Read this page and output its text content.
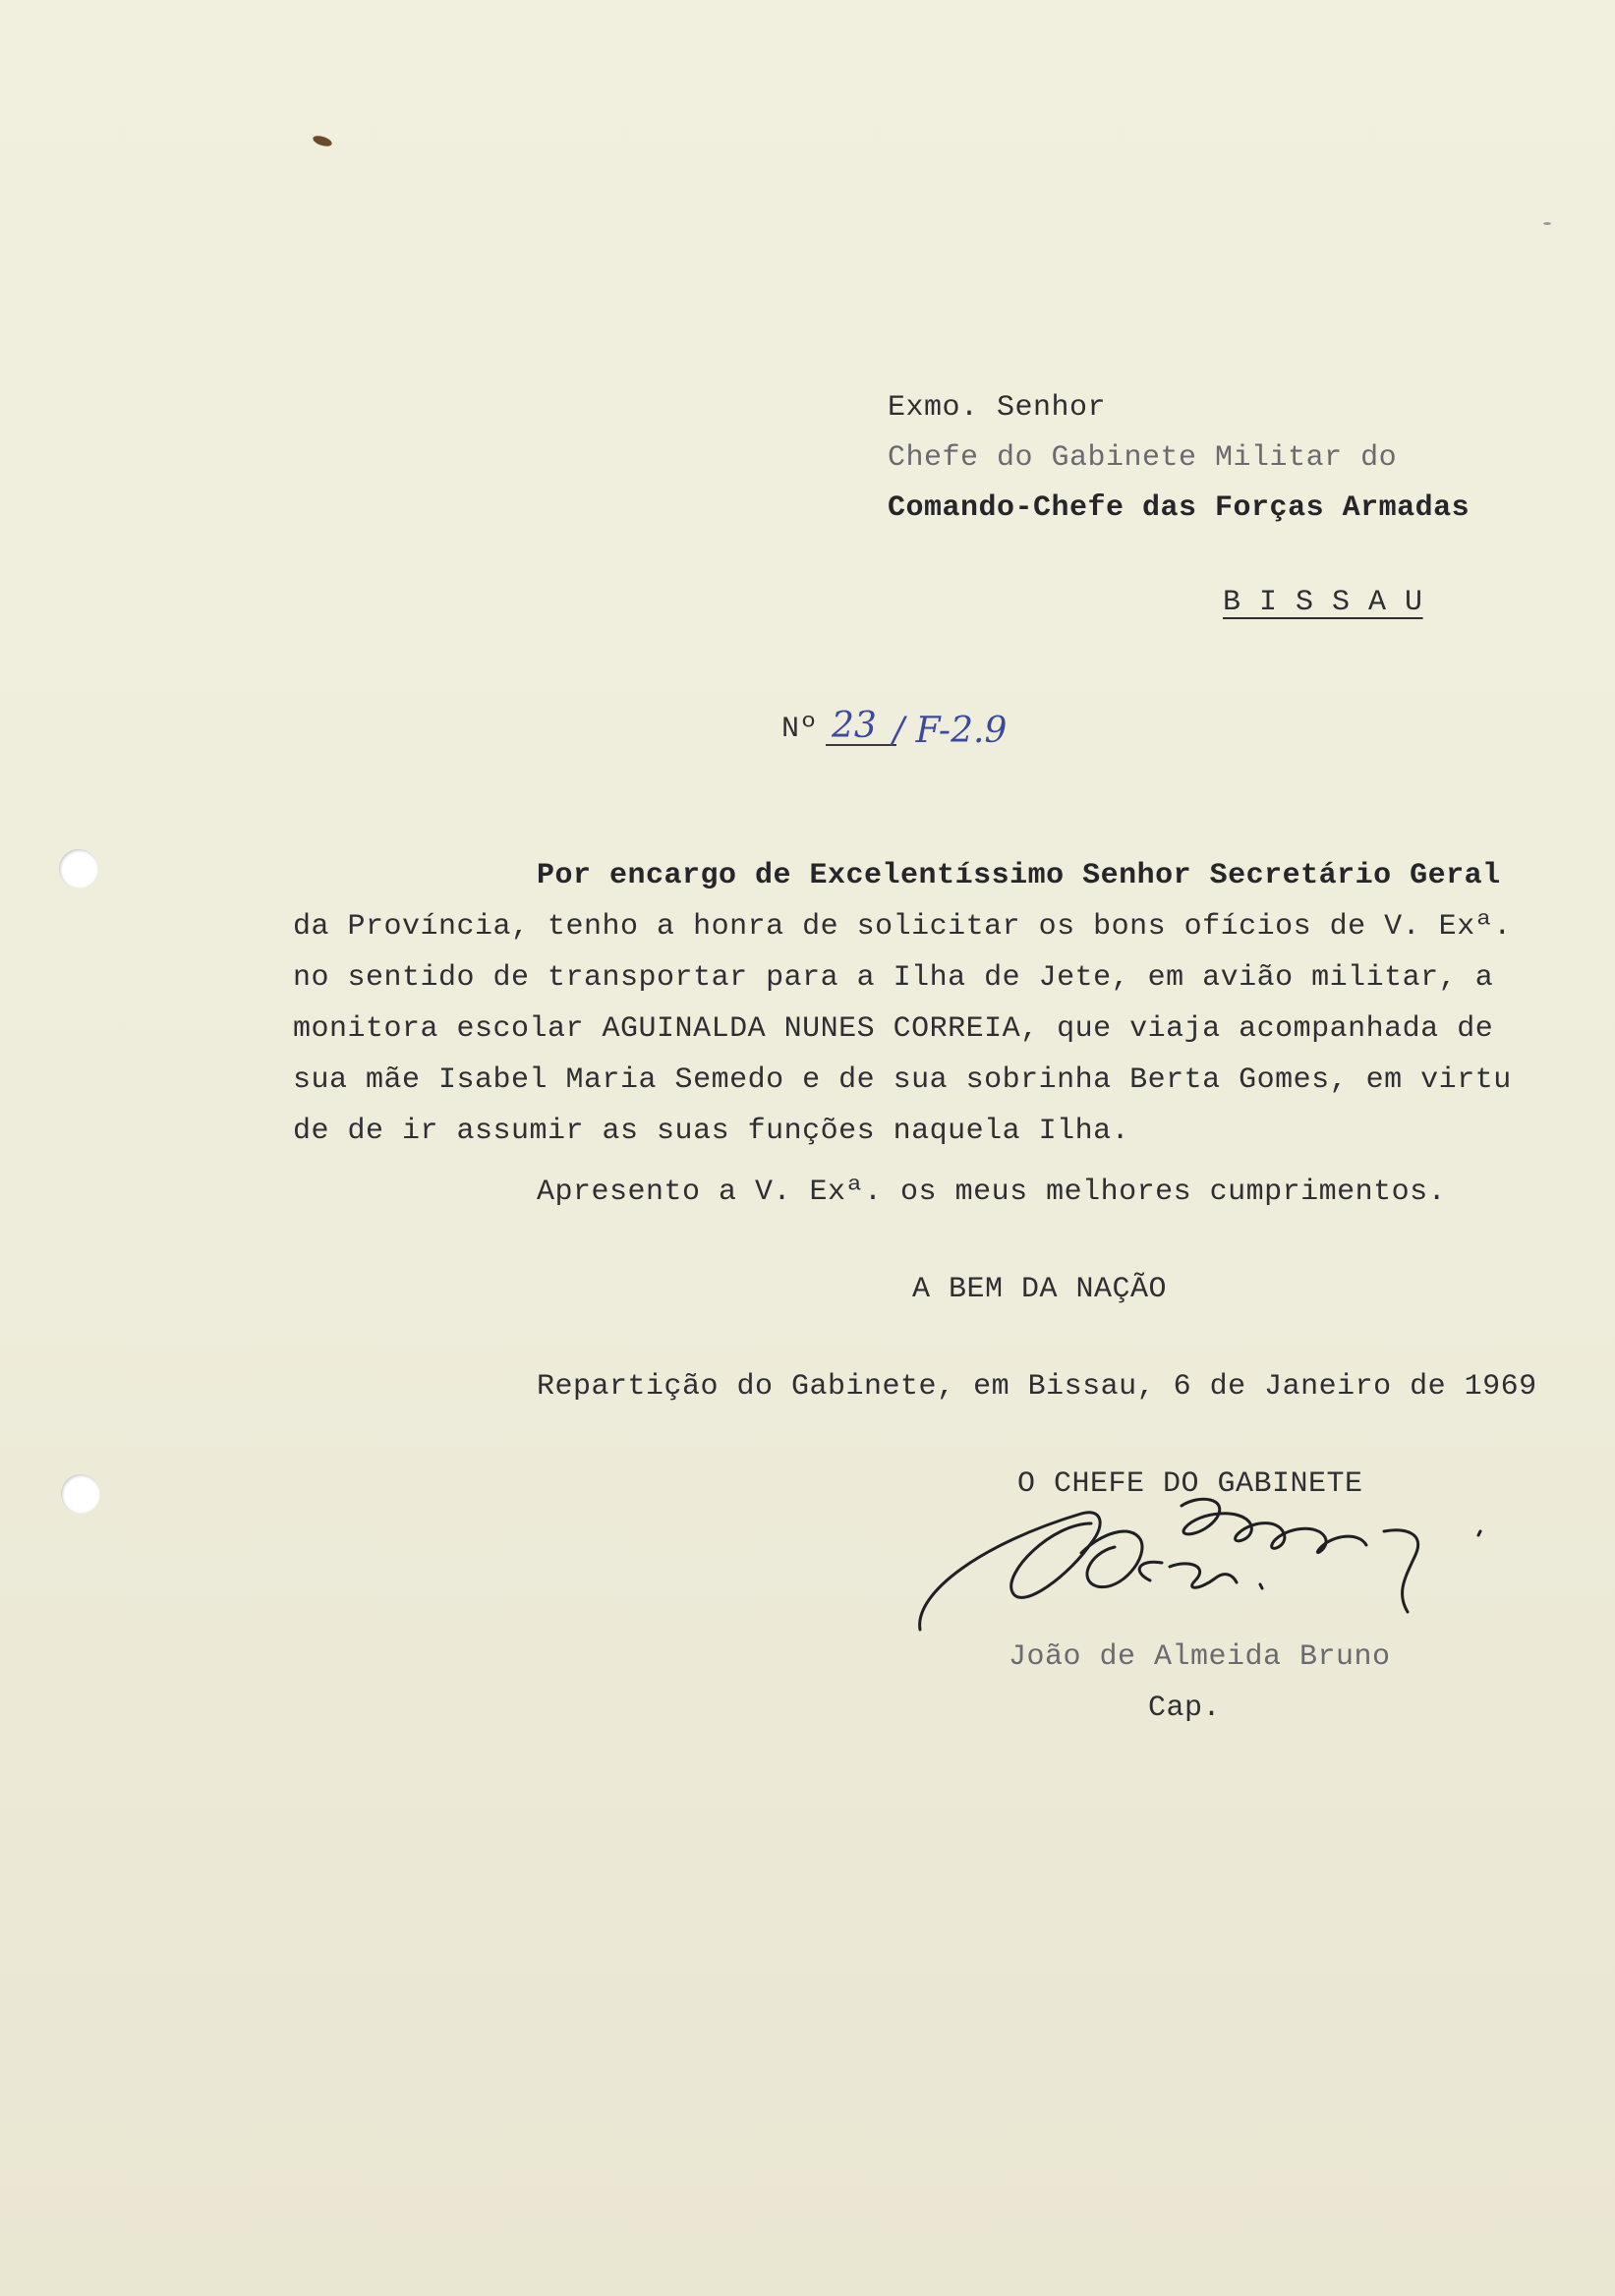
Exmo. Senhor

Chefe do Gabinete Militar do

Comando-Chefe das Forças Armadas

B I S S A U

Nº 23 / F-2.9

Por encargo de Excelentíssimo Senhor Secretário Geral

da Província, tenho a honra de solicitar os bons ofícios de V. Exª.

no sentido de transportar para a Ilha de Jete, em avião militar, a

monitora escolar AGUINALDA NUNES CORREIA, que viaja acompanhada de

sua mãe Isabel Maria Semedo e de sua sobrinha Berta Gomes, em virtu

de de ir assumir as suas funções naquela Ilha.

Apresento a V. Exª. os meus melhores cumprimentos.

A BEM DA NAÇÃO

Repartição do Gabinete, em Bissau, 6 de Janeiro de 1969

O CHEFE DO GABINETE

João de Almeida Bruno

Cap.
